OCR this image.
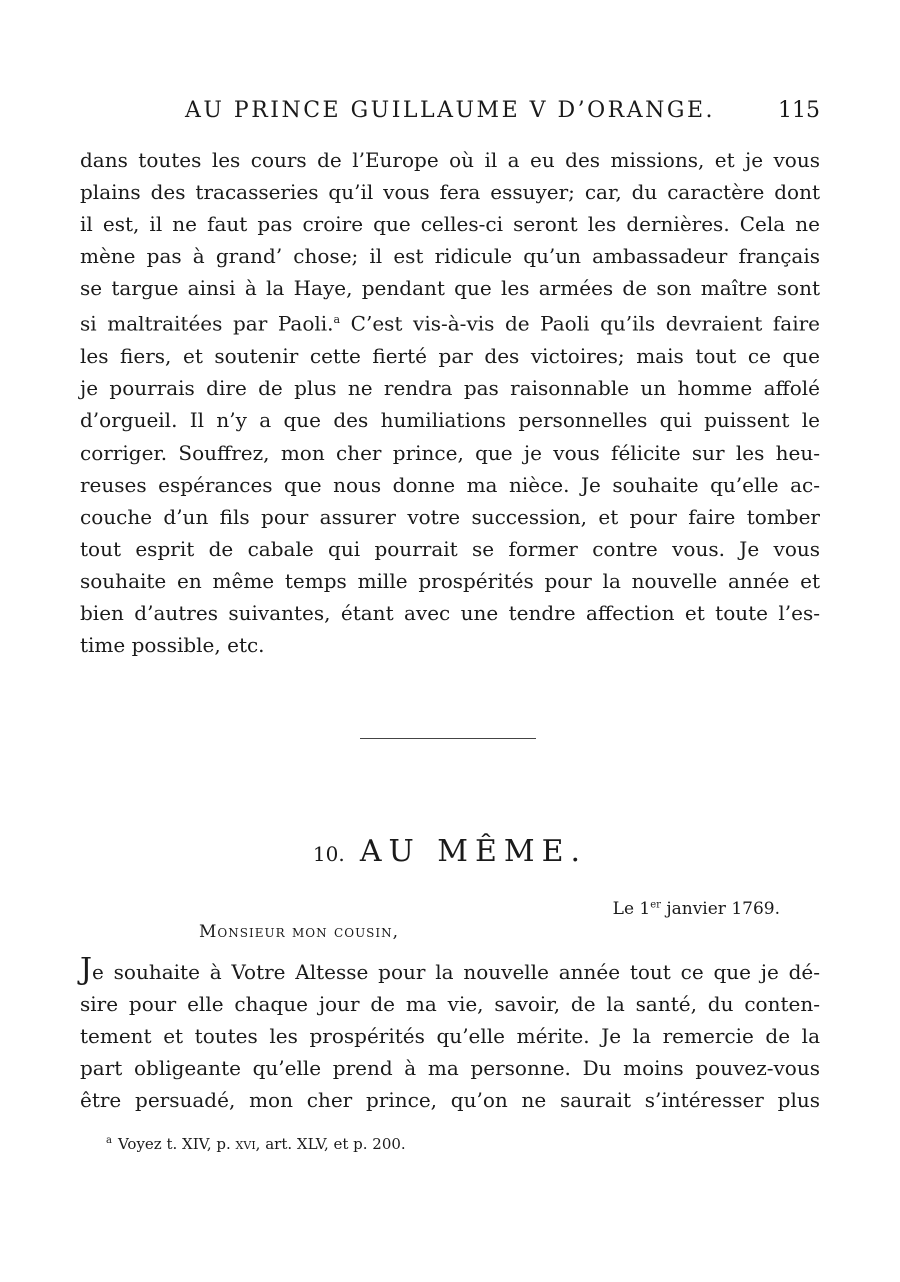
AU PRINCE GUILLAUME V D’ORANGE.	115
dans toutes les cours de l’Europe où il a eu des missions, et je vous
plains des tracasseries qu’il vous fera essuyer; car, du caractère dont
il est, il ne faut pas croire que celles-ci seront les dernières. Cela ne
mène pas à grand’ chose; il est ridicule qu’un ambassadeur français
se targue ainsi à la Haye, pendant que les armées de son maître sont
si maltraitées par Paoli.$^a$ C’est vis-à-vis de Paoli qu’ils devraient faire
les fiers, et soutenir cette fierté par des victoires; mais tout ce que
je pourrais dire de plus ne rendra pas raisonnable un homme affolé
d’orgueil. Il n’y a que des humiliations personnelles qui puissent le
corriger. Souffrez, mon cher prince, que je vous félicite sur les heu-
reuses espérances que nous donne ma nièce. Je souhaite qu’elle ac-
couche d’un fils pour assurer votre succession, et pour faire tomber
tout esprit de cabale qui pourrait se former contre vous. Je vous
souhaite en même temps mille prospérités pour la nouvelle année et
bien d’autres suivantes, étant avec une tendre affection et toute l’es-
time possible, etc.
10. AU MÊME.
Le 1er janvier 1769.
Monsieur mon cousin,
Je souhaite à Votre Altesse pour la nouvelle année tout ce que je dé-
sire pour elle chaque jour de ma vie, savoir, de la santé, du conten-
tement et toutes les prospérités qu’elle mérite. Je la remercie de la
part obligeante qu’elle prend à ma personne. Du moins pouvez-vous
être persuadé, mon cher prince, qu’on ne saurait s’intéresser plus
$^a$ Voyez t. XIV, p. xvi, art. XLV, et p. 200.
